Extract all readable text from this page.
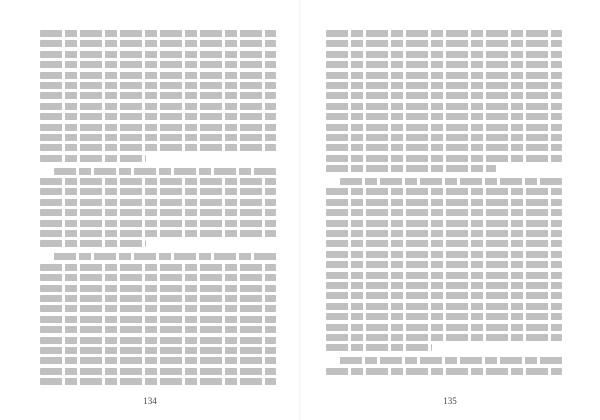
134	135
